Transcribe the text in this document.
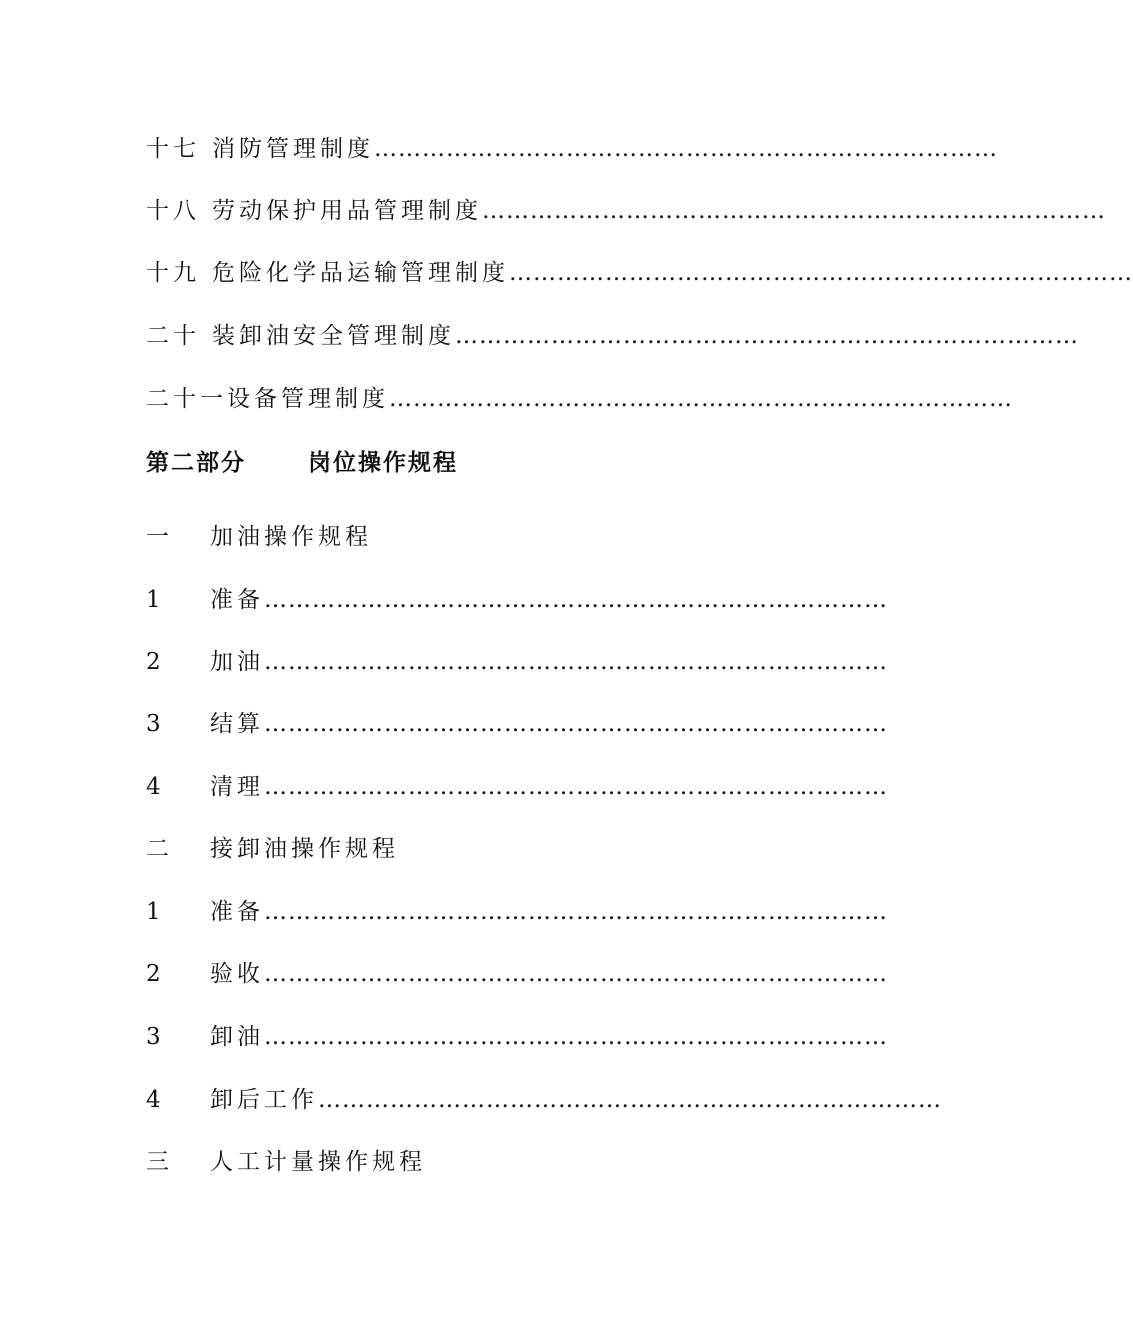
十七 消防管理制度 ……………………………………………………………………
十八 劳动保护用品管理制度 ……………………………………………………………………
十九 危险化学品运输管理制度 ……………………………………………………………………
二十 装卸油安全管理制度 ……………………………………………………………………
二十一 设备管理制度 ……………………………………………………………………
第二部分	岗位操作规程
一	加油操作规程
1	准备 ……………………………………………………………………
2	加油 ……………………………………………………………………
3	结算 ……………………………………………………………………
4	清理 ……………………………………………………………………
二	接卸油操作规程
1	准备 ……………………………………………………………………
2	验收 ……………………………………………………………………
3	卸油 ……………………………………………………………………
4	卸后工作 ……………………………………………………………………
三	人工计量操作规程
